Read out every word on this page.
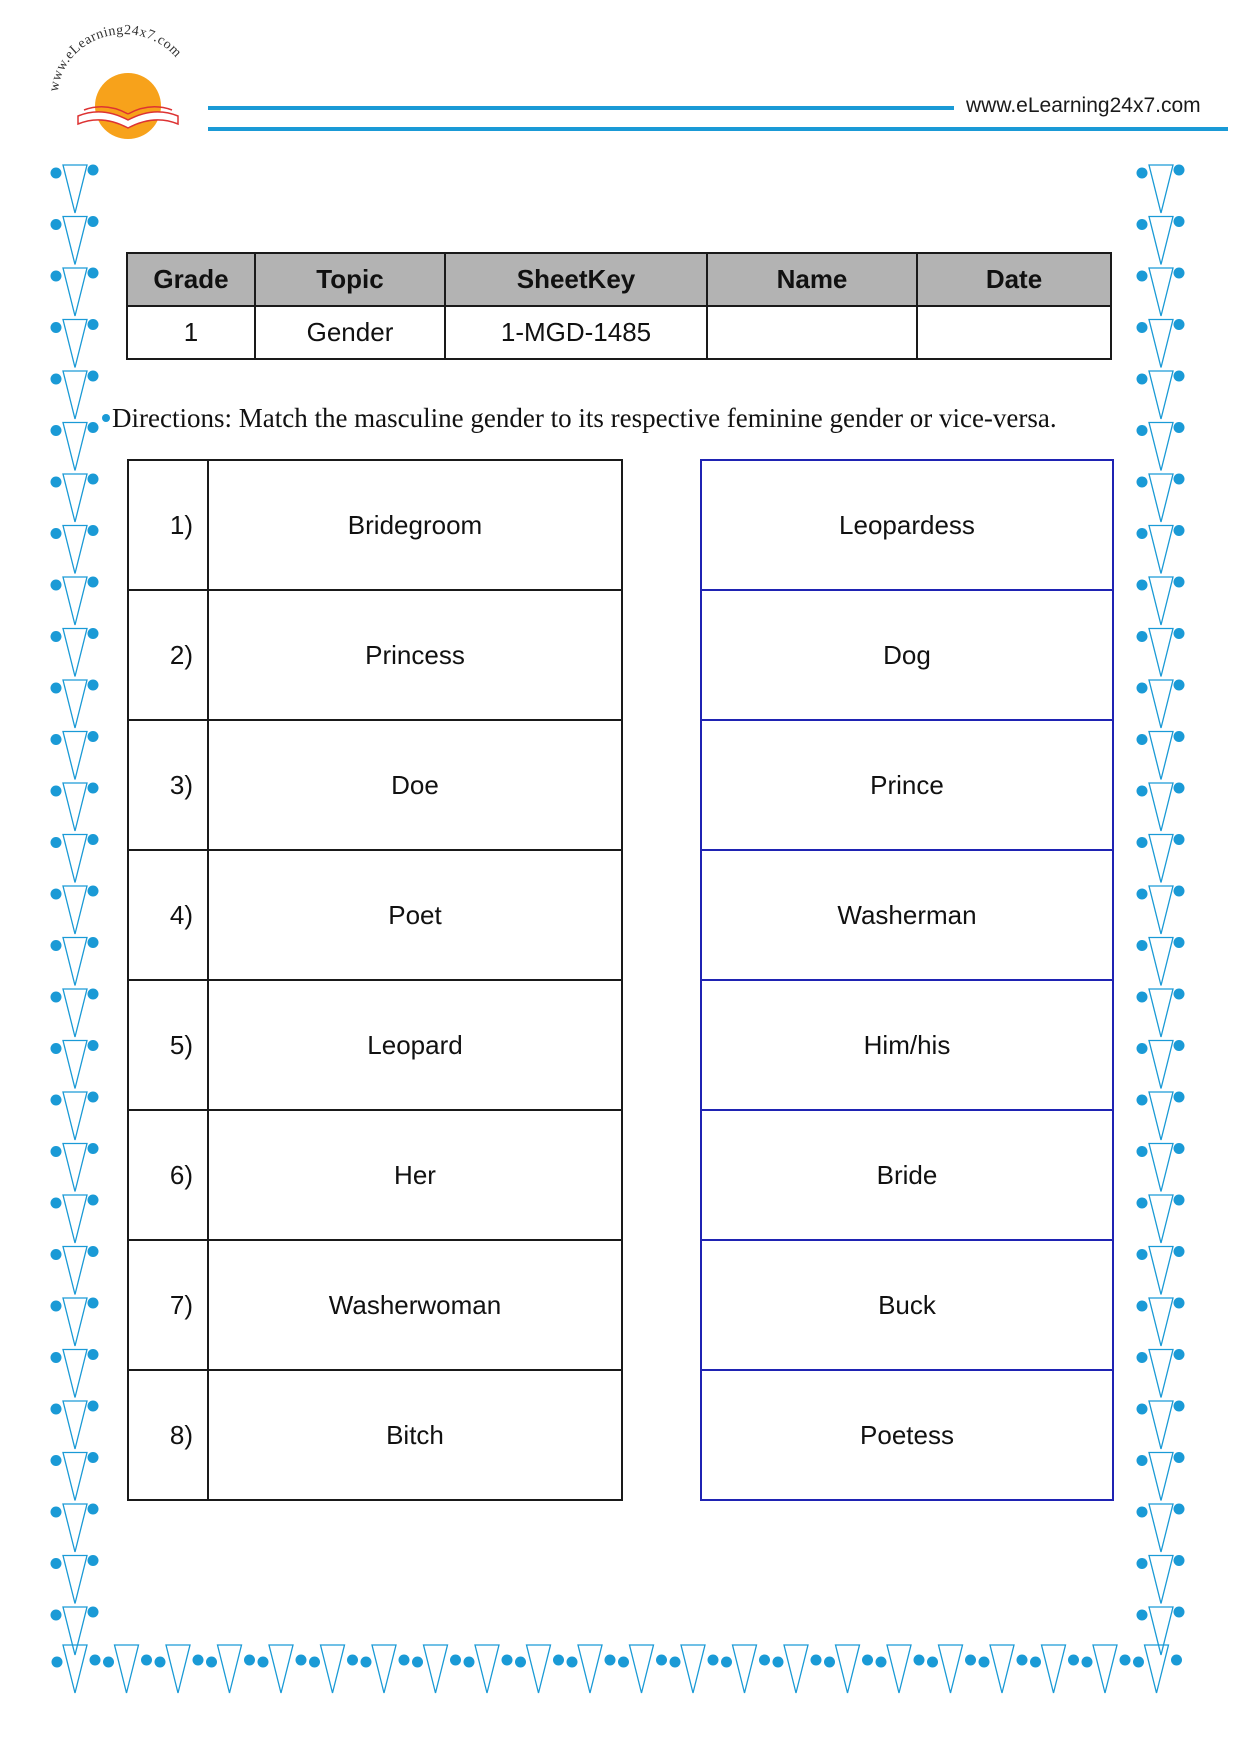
www.eLearning24x7.com
www.eLearning24x7.com
Grade	Topic	SheetKey	Name	Date
1	Gender	1-MGD-1485		
Directions: Match the masculine gender to its respective feminine gender or vice-versa.
1)	Bridegroom
2)	Princess
3)	Doe
4)	Poet
5)	Leopard
6)	Her
7)	Washerwoman
8)	Bitch
Leopardess
Dog
Prince
Washerman
Him/his
Bride
Buck
Poetess
